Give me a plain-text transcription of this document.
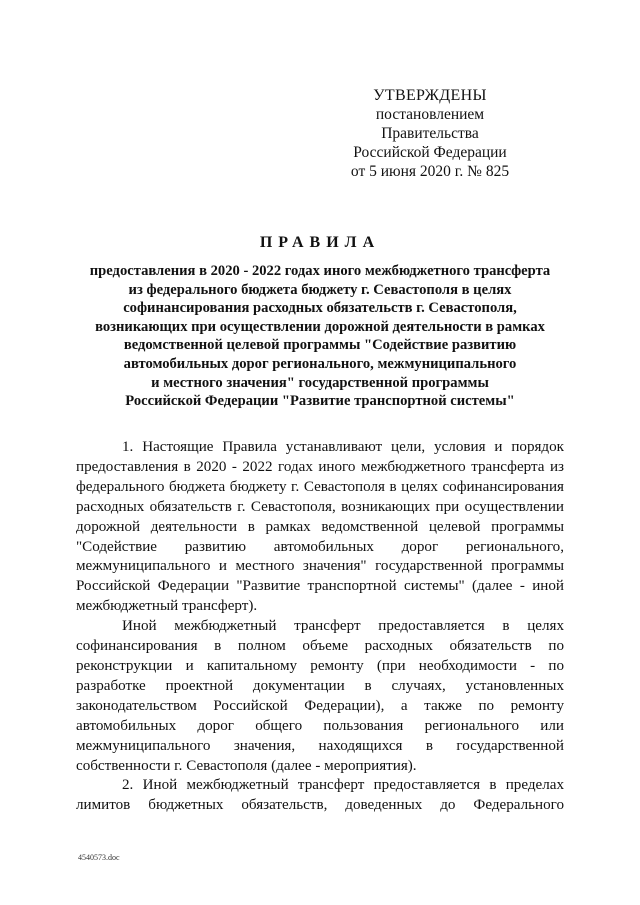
УТВЕРЖДЕНЫ
постановлением Правительства
Российской Федерации
от 5 июня 2020 г. № 825
ПРАВИЛА
предоставления в 2020 - 2022 годах иного межбюджетного трансферта
из федерального бюджета бюджету г. Севастополя в целях
софинансирования расходных обязательств г. Севастополя,
возникающих при осуществлении дорожной деятельности в рамках
ведомственной целевой программы "Содействие развитию
автомобильных дорог регионального, межмуниципального
и местного значения" государственной программы
Российской Федерации "Развитие транспортной системы"

1. Настоящие Правила устанавливают цели, условия и порядок предоставления в 2020 - 2022 годах иного межбюджетного трансферта из федерального бюджета бюджету г. Севастополя в целях софинансирования расходных обязательств г. Севастополя, возникающих при осуществлении дорожной деятельности в рамках ведомственной целевой программы "Содействие развитию автомобильных дорог регионального, межмуниципального и местного значения" государственной программы Российской Федерации "Развитие транспортной системы" (далее - иной межбюджетный трансферт).

Иной межбюджетный трансферт предоставляется в целях софинансирования в полном объеме расходных обязательств по реконструкции и капитальному ремонту (при необходимости - по разработке проектной документации в случаях, установленных законодательством Российской Федерации), а также по ремонту автомобильных дорог общего пользования регионального или межмуниципального значения, находящихся в государственной собственности г. Севастополя (далее - мероприятия).

2. Иной межбюджетный трансферт предоставляется в пределах лимитов бюджетных обязательств, доведенных до Федерального

4540573.doc
